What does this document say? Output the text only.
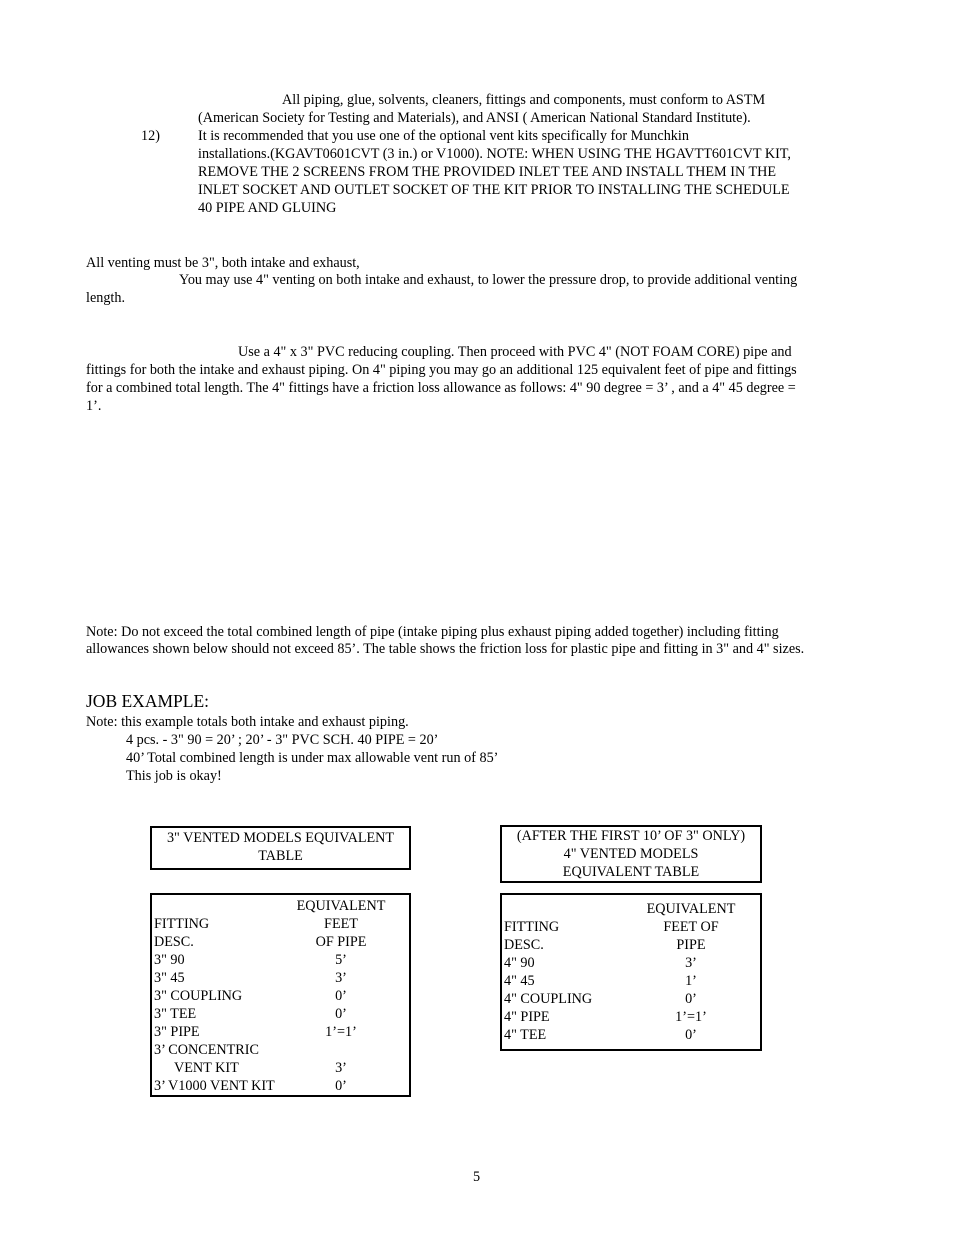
All piping, glue, solvents, cleaners, fittings and components, must conform to ASTM
(American Society for Testing and Materials), and ANSI ( American National Standard Institute).
12)	It is recommended that you use one of the optional vent kits specifically for Munchkin
installations.(KGAVT0601CVT (3 in.) or V1000). NOTE: WHEN USING THE HGAVTT601CVT KIT,
REMOVE THE 2 SCREENS FROM THE PROVIDED INLET TEE AND INSTALL THEM IN THE
INLET SOCKET AND OUTLET SOCKET OF THE KIT PRIOR TO INSTALLING THE SCHEDULE
40 PIPE AND GLUING
All venting must be 3", both intake and exhaust,
You may use 4" venting on both intake and exhaust, to lower the pressure drop, to provide additional venting
length.
Use a 4" x 3" PVC reducing coupling. Then proceed with PVC 4" (NOT FOAM CORE) pipe and
fittings for both the intake and exhaust piping. On 4" piping you may go an additional 125 equivalent feet of pipe and fittings
for a combined total length. The 4" fittings have a friction loss allowance as follows: 4" 90 degree = 3’ , and a 4" 45 degree =
1’.
Note: Do not exceed the total combined length of pipe (intake piping plus exhaust piping added together) including fitting
allowances shown below should not exceed 85’. The table shows the friction loss for plastic pipe and fitting in 3" and 4" sizes.
JOB EXAMPLE:
Note: this example totals both intake and exhaust piping.
4 pcs. - 3" 90 = 20’ ; 20’ - 3" PVC SCH. 40 PIPE = 20’
40’ Total combined length is under max allowable vent run of 85’
This job is okay!
3" VENTED MODELS EQUIVALENT
TABLE
EQUIVALENT
FITTING	FEET
DESC.	OF PIPE
3" 90	5’
3" 45	3’
3" COUPLING	0’
3" TEE	0’
3" PIPE	1’=1’
3’ CONCENTRIC
VENT KIT	3’
3’ V1000 VENT KIT	0’
(AFTER THE FIRST 10’ OF 3" ONLY)
4" VENTED MODELS
EQUIVALENT TABLE
EQUIVALENT
FITTING	FEET OF
DESC.	PIPE
4" 90	3’
4" 45	1’
4" COUPLING	0’
4" PIPE	1’=1’
4" TEE	0’
5
